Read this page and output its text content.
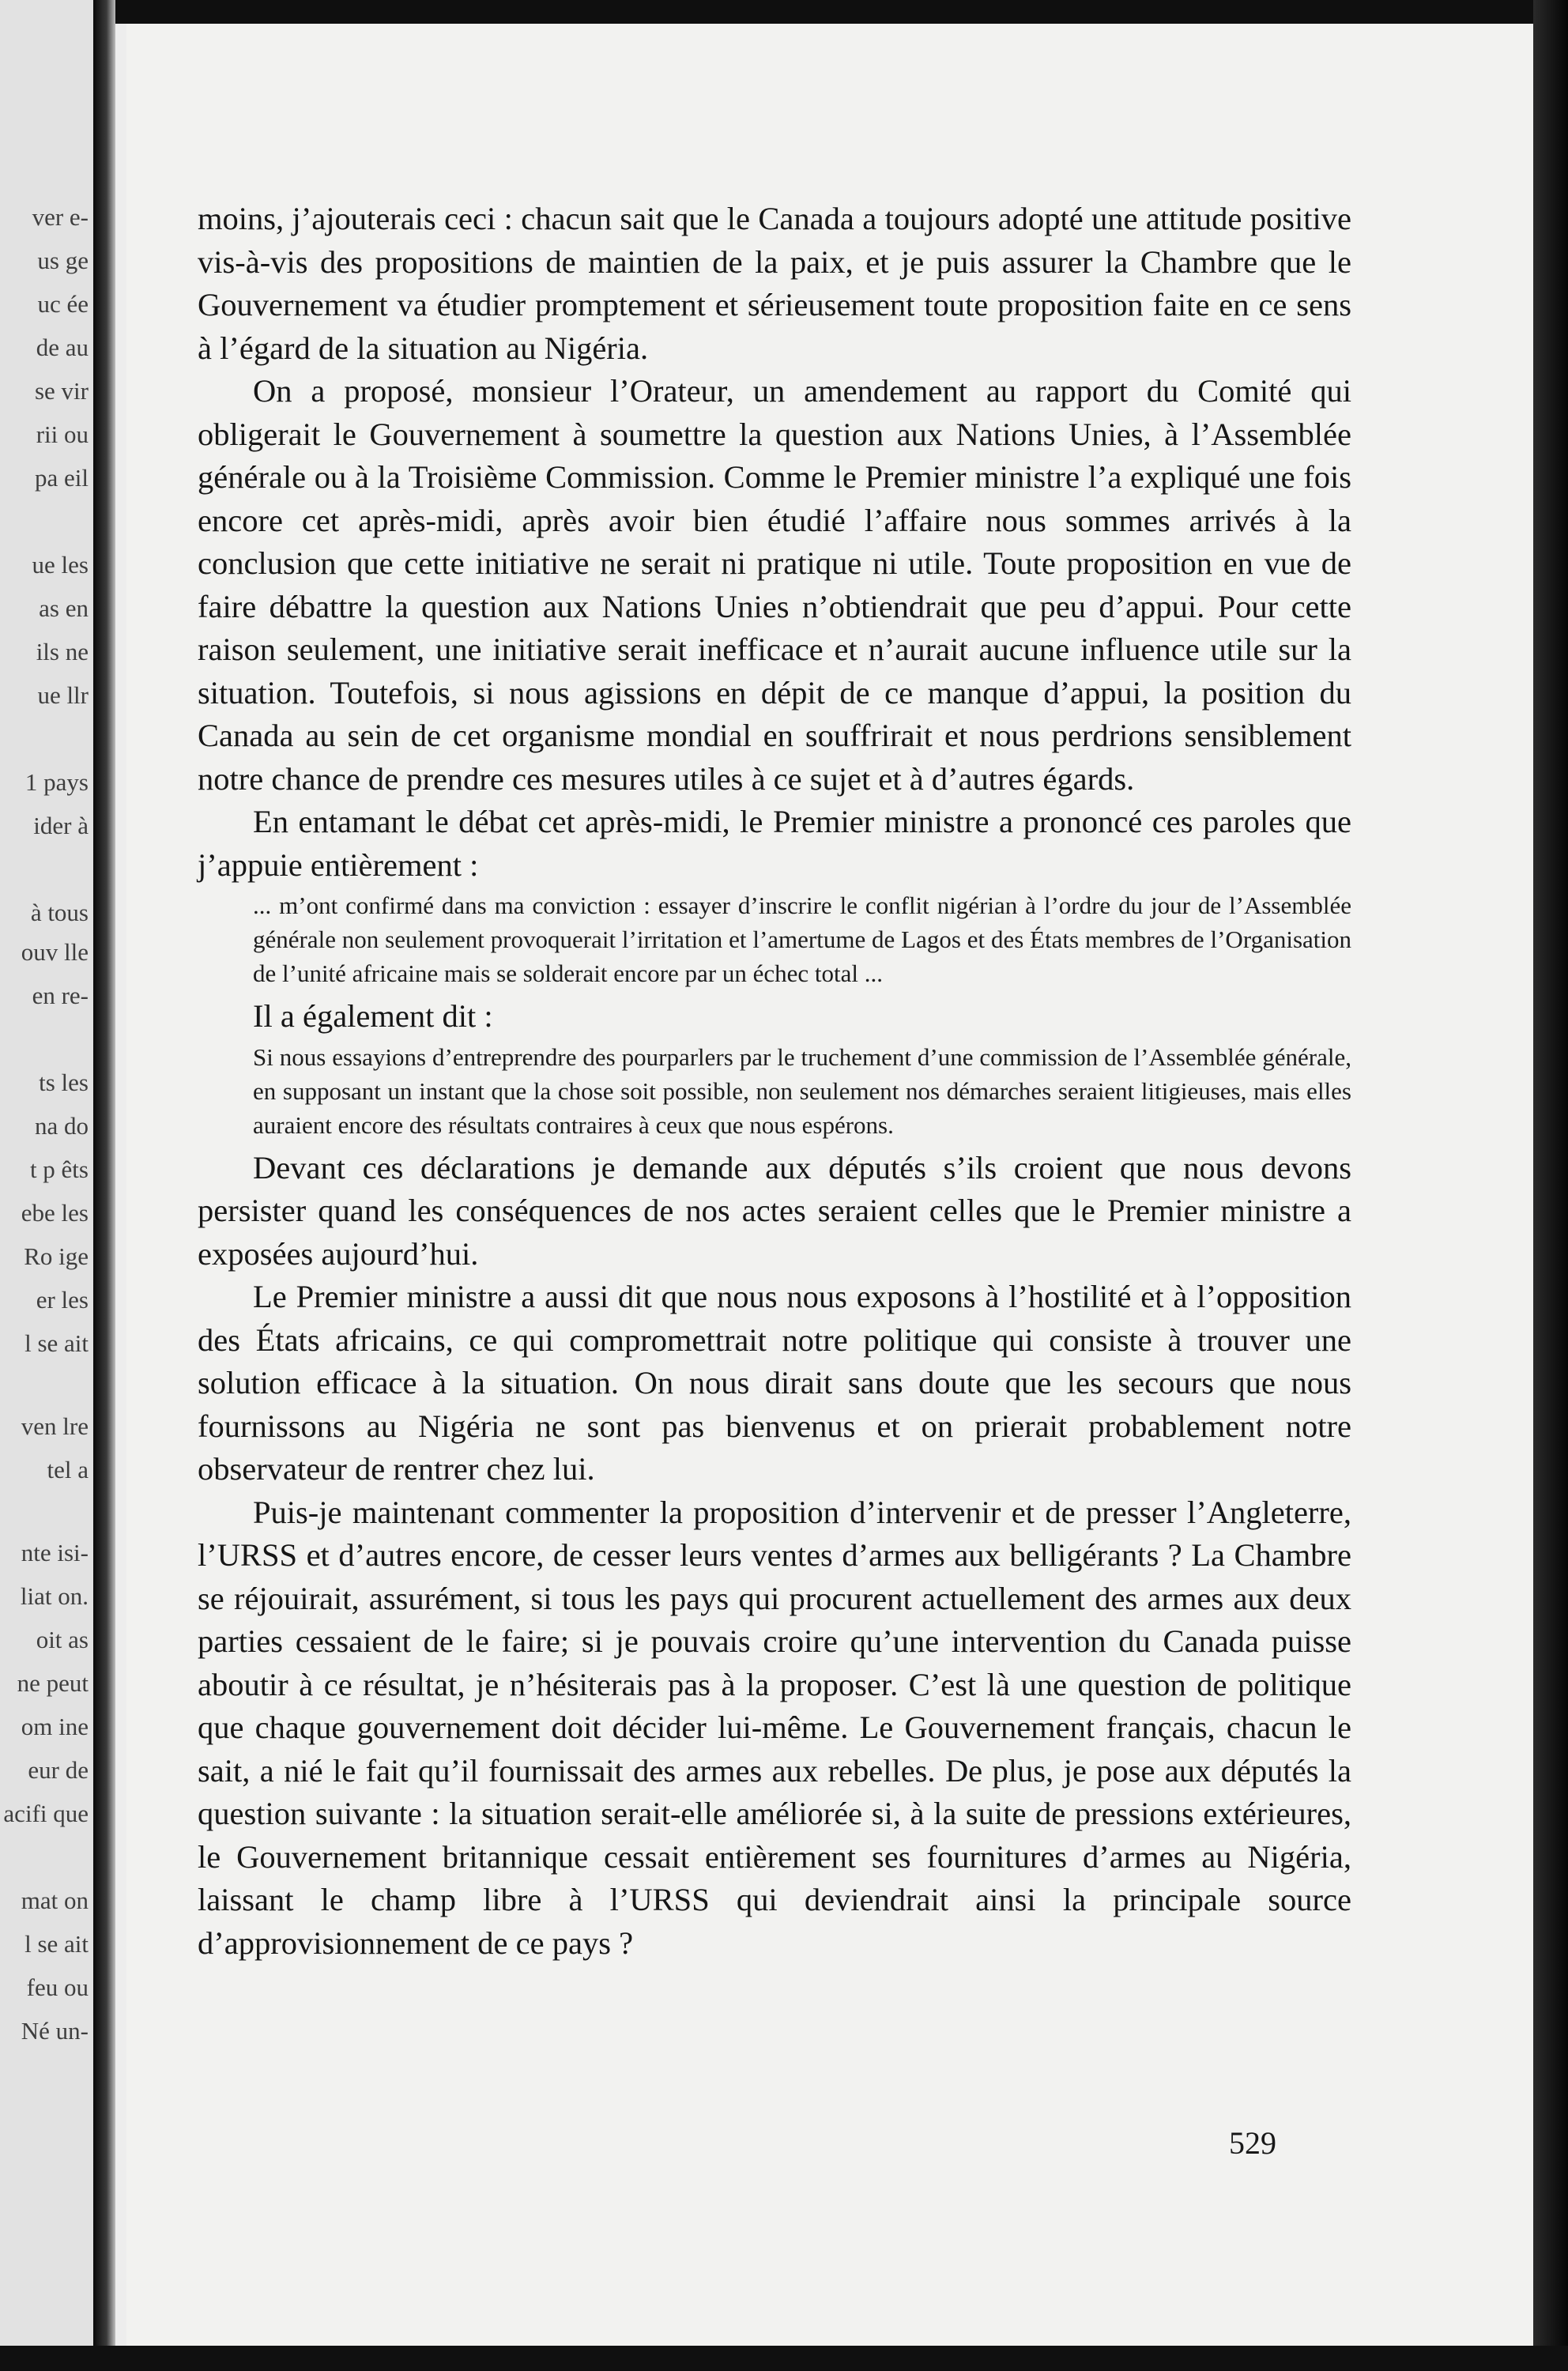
ver e-
us ge
uc ée
de au
se vir
rii ou
pa eil
ue les
as en
ils ne
ue llr
1 pays
ider à
à tous
ouv lle
en re-
ts les
na do
t p êts
ebe les
Ro ige
er les
l se ait
ven lre
tel a
nte isi-
liat on.
oit as
ne peut
om ine
eur de
acifi que
mat on
l se ait
feu ou
Né un-

moins, j’ajouterais ceci : chacun sait que le Canada a toujours adopté une attitude positive vis-à-vis des propositions de maintien de la paix, et je puis assurer la Chambre que le Gouvernement va étudier promptement et sérieusement toute proposition faite en ce sens à l’égard de la situation au Nigéria.

On a proposé, monsieur l’Orateur, un amendement au rapport du Comité qui obligerait le Gouvernement à soumettre la question aux Nations Unies, à l’Assemblée générale ou à la Troisième Commission. Comme le Premier ministre l’a expliqué une fois encore cet après-midi, après avoir bien étudié l’affaire nous sommes arrivés à la conclusion que cette initiative ne serait ni pratique ni utile. Toute proposition en vue de faire débattre la question aux Nations Unies n’obtiendrait que peu d’appui. Pour cette raison seulement, une initiative serait inefficace et n’aurait aucune influence utile sur la situation. Toutefois, si nous agissions en dépit de ce manque d’appui, la position du Canada au sein de cet organisme mondial en souffrirait et nous perdrions sensiblement notre chance de prendre ces mesures utiles à ce sujet et à d’autres égards.

En entamant le débat cet après-midi, le Premier ministre a prononcé ces paroles que j’appuie entièrement :

... m’ont confirmé dans ma conviction : essayer d’inscrire le conflit nigérian à l’ordre du jour de l’Assemblée générale non seulement provoquerait l’irritation et l’amertume de Lagos et des États membres de l’Organisation de l’unité africaine mais se solderait encore par un échec total ...

Il a également dit :

Si nous essayions d’entreprendre des pourparlers par le truchement d’une commission de l’Assemblée générale, en supposant un instant que la chose soit possible, non seulement nos démarches seraient litigieuses, mais elles auraient encore des résultats contraires à ceux que nous espérons.

Devant ces déclarations je demande aux députés s’ils croient que nous devons persister quand les conséquences de nos actes seraient celles que le Premier ministre a exposées aujourd’hui.

Le Premier ministre a aussi dit que nous nous exposons à l’hostilité et à l’opposition des États africains, ce qui compromettrait notre politique qui consiste à trouver une solution efficace à la situation. On nous dirait sans doute que les secours que nous fournissons au Nigéria ne sont pas bienvenus et on prierait probablement notre observateur de rentrer chez lui.

Puis-je maintenant commenter la proposition d’intervenir et de presser l’Angleterre, l’URSS et d’autres encore, de cesser leurs ventes d’armes aux belligérants ? La Chambre se réjouirait, assurément, si tous les pays qui procurent actuellement des armes aux deux parties cessaient de le faire; si je pouvais croire qu’une intervention du Canada puisse aboutir à ce résultat, je n’hésiterais pas à la proposer. C’est là une question de politique que chaque gouvernement doit décider lui-même. Le Gouvernement français, chacun le sait, a nié le fait qu’il fournissait des armes aux rebelles. De plus, je pose aux députés la question suivante : la situation serait-elle améliorée si, à la suite de pressions extérieures, le Gouvernement britannique cessait entièrement ses fournitures d’armes au Nigéria, laissant le champ libre à l’URSS qui deviendrait ainsi la principale source d’approvisionnement de ce pays ?

529
